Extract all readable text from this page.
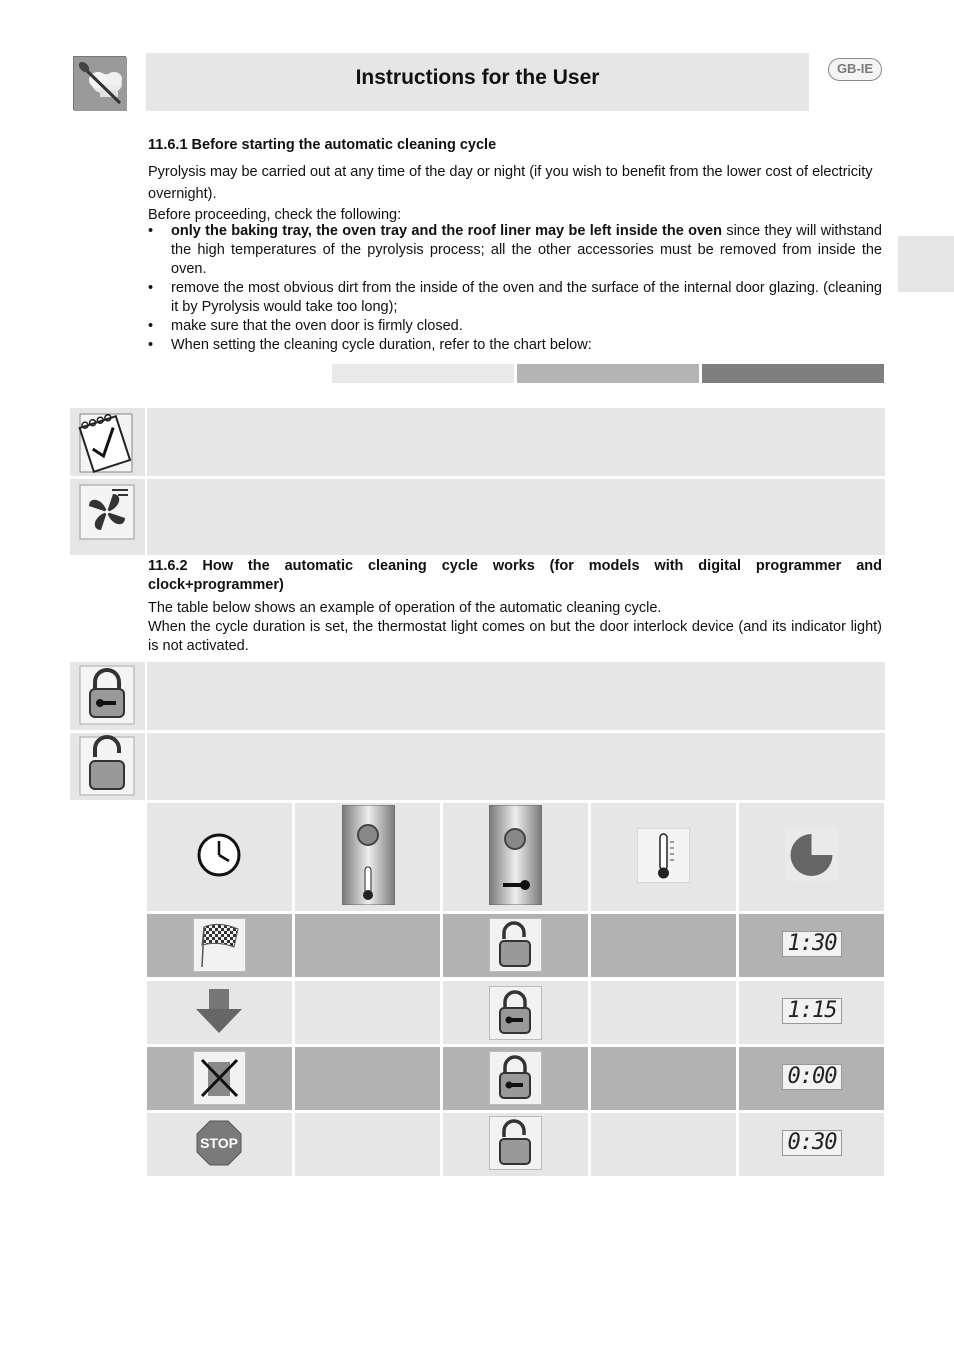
Instructions for the User	GB-IE
11.6.1 Before starting the automatic cleaning cycle
Pyrolysis may be carried out at any time of the day or night (if you wish to benefit from the lower cost of electricity overnight).
Before proceeding, check the following:
• only the baking tray, the oven tray and the roof liner may be left inside the oven since they will withstand the high temperatures of the pyrolysis process; all the other accessories must be removed from inside the oven.
• remove the most obvious dirt from the inside of the oven and the surface of the internal door glazing. (cleaning it by Pyrolysis would take too long);
• make sure that the oven door is firmly closed.
• When setting the cleaning cycle duration, refer to the chart below:
11.6.2 How the automatic cleaning cycle works (for models with digital programmer and clock+programmer)
The table below shows an example of operation of the automatic cleaning cycle.
When the cycle duration is set, the thermostat light comes on but the door interlock device (and its indicator light) is not activated.
1:30
1:15
0:00
STOP	0:30
